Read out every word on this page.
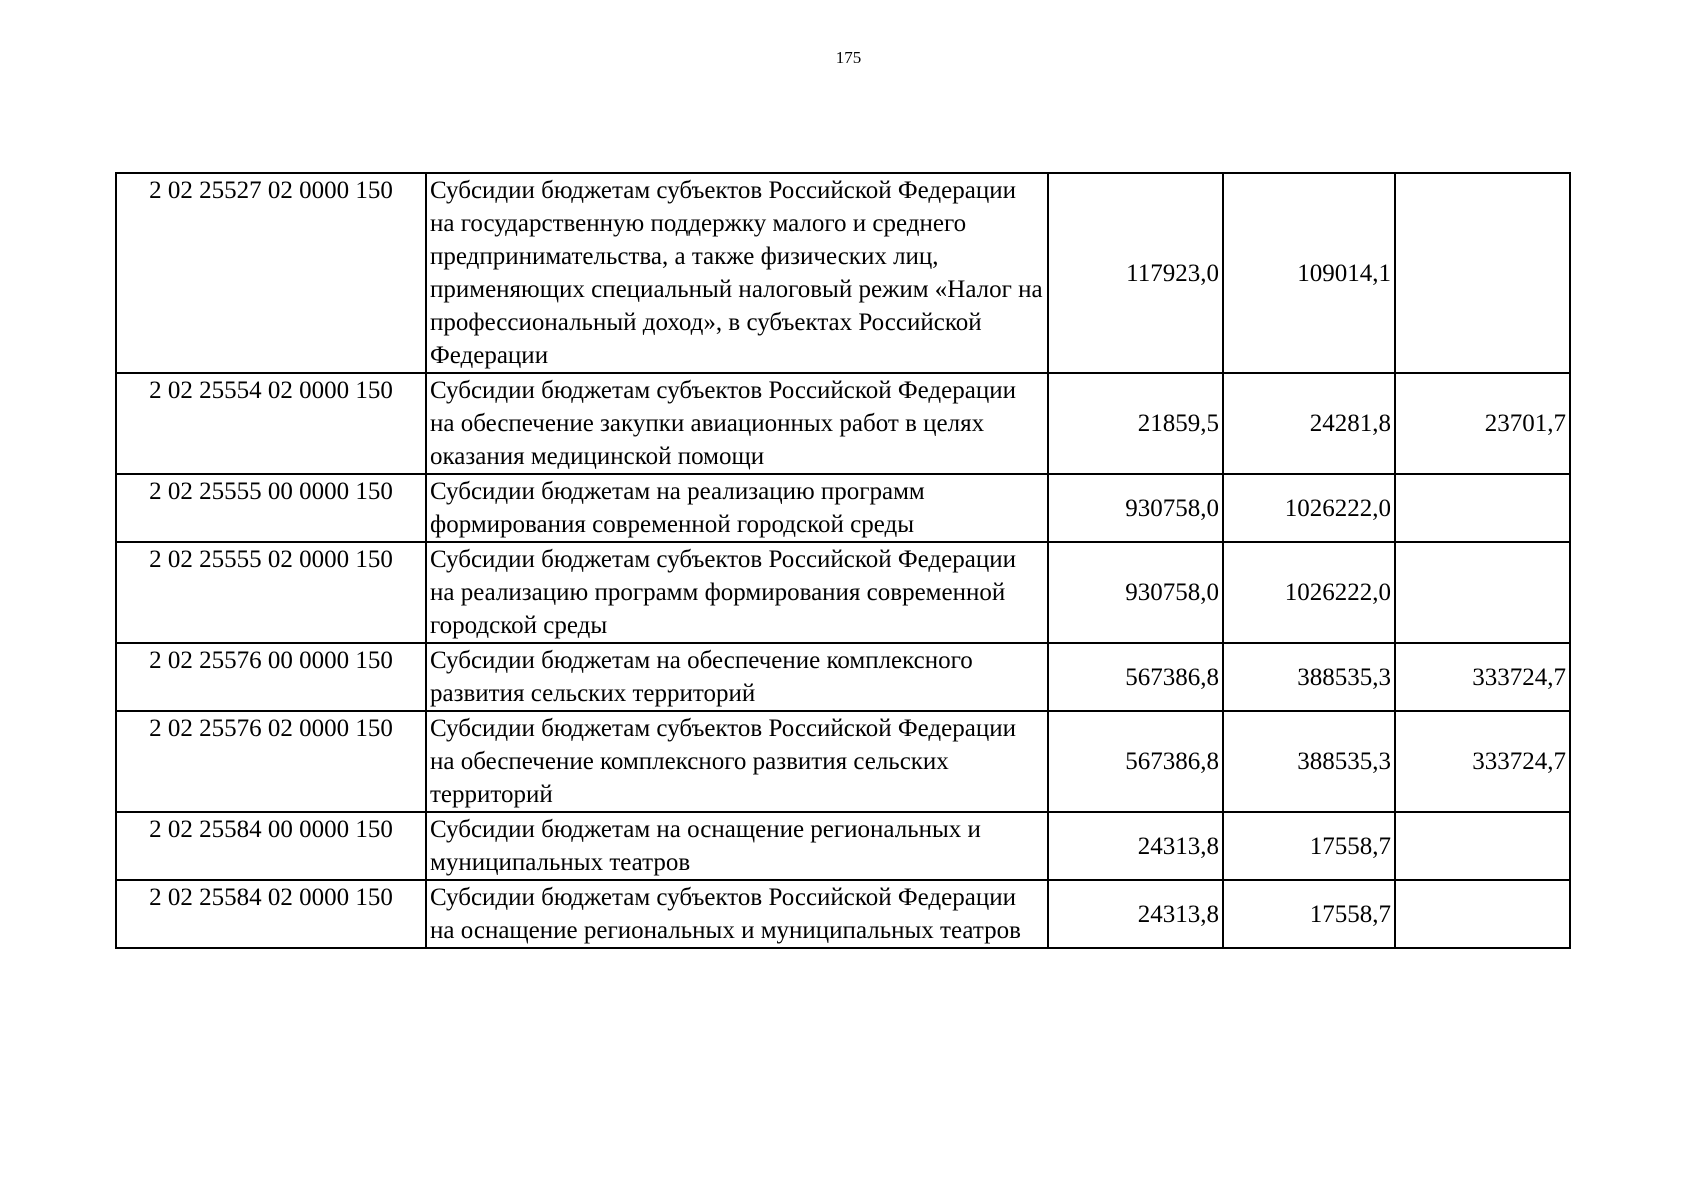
175
2 02 25527 02 0000 150	Субсидии бюджетам субъектов Российской Федерации на государственную поддержку малого и среднего предпринимательства, а также физических лиц, применяющих специальный налоговый режим «Налог на профессиональный доход», в субъектах Российской Федерации	117923,0	109014,1	
2 02 25554 02 0000 150	Субсидии бюджетам субъектов Российской Федерации на обеспечение закупки авиационных работ в целях оказания медицинской помощи	21859,5	24281,8	23701,7
2 02 25555 00 0000 150	Субсидии бюджетам на реализацию программ формирования современной городской среды	930758,0	1026222,0	
2 02 25555 02 0000 150	Субсидии бюджетам субъектов Российской Федерации на реализацию программ формирования современной городской среды	930758,0	1026222,0	
2 02 25576 00 0000 150	Субсидии бюджетам на обеспечение комплексного развития сельских территорий	567386,8	388535,3	333724,7
2 02 25576 02 0000 150	Субсидии бюджетам субъектов Российской Федерации на обеспечение комплексного развития сельских территорий	567386,8	388535,3	333724,7
2 02 25584 00 0000 150	Субсидии бюджетам на оснащение региональных и муниципальных театров	24313,8	17558,7	
2 02 25584 02 0000 150	Субсидии бюджетам субъектов Российской Федерации на оснащение региональных и муниципальных театров	24313,8	17558,7	
